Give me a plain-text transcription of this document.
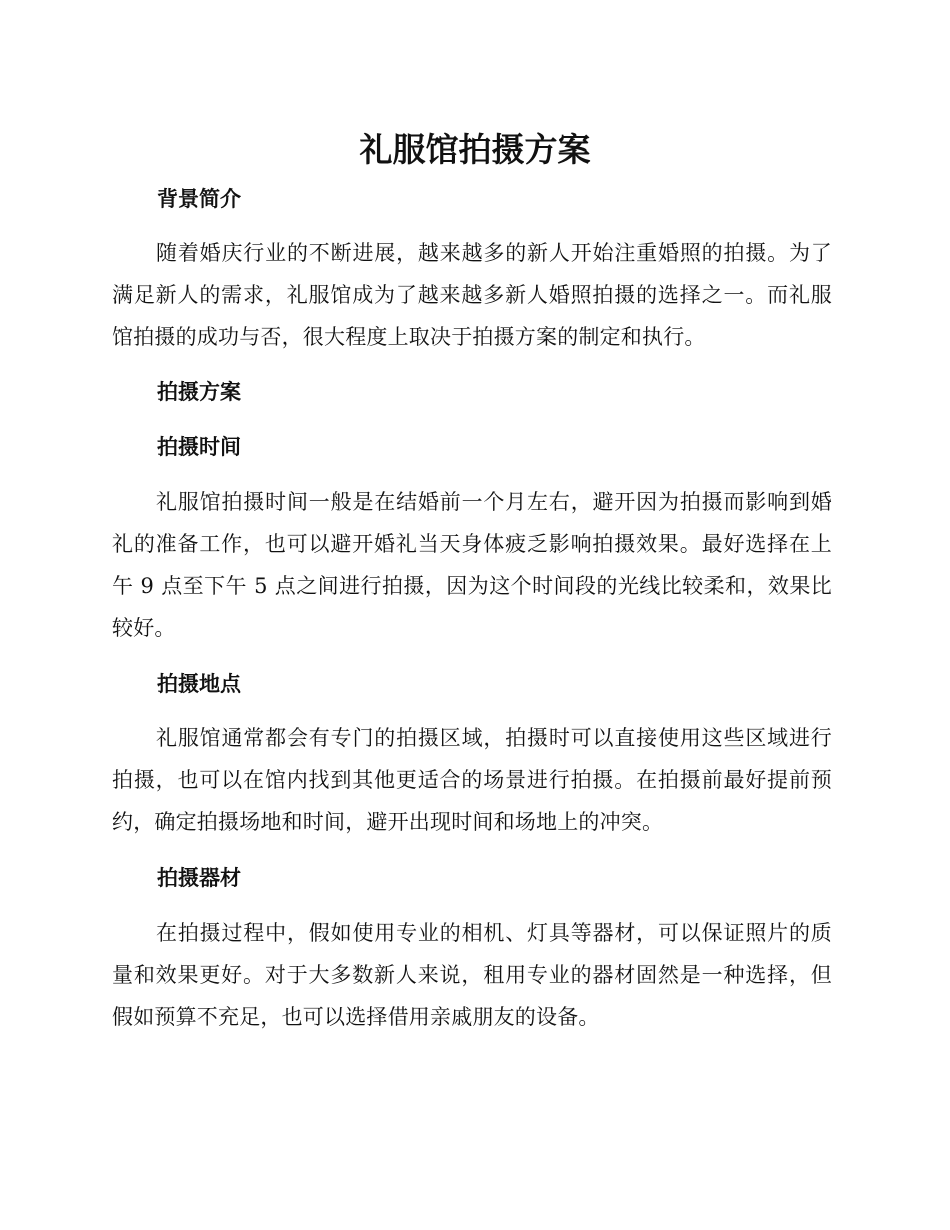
礼服馆拍摄方案
背景简介
随着婚庆行业的不断进展，越来越多的新人开始注重婚照的拍摄。为了满足新人的需求，礼服馆成为了越来越多新人婚照拍摄的选择之一。而礼服馆拍摄的成功与否，很大程度上取决于拍摄方案的制定和执行。
拍摄方案
拍摄时间
礼服馆拍摄时间一般是在结婚前一个月左右，避开因为拍摄而影响到婚礼的准备工作，也可以避开婚礼当天身体疲乏影响拍摄效果。最好选择在上午 9 点至下午 5 点之间进行拍摄，因为这个时间段的光线比较柔和，效果比较好。
拍摄地点
礼服馆通常都会有专门的拍摄区域，拍摄时可以直接使用这些区域进行拍摄，也可以在馆内找到其他更适合的场景进行拍摄。在拍摄前最好提前预约，确定拍摄场地和时间，避开出现时间和场地上的冲突。
拍摄器材
在拍摄过程中，假如使用专业的相机、灯具等器材，可以保证照片的质量和效果更好。对于大多数新人来说，租用专业的器材固然是一种选择，但假如预算不充足，也可以选择借用亲戚朋友的设备。
